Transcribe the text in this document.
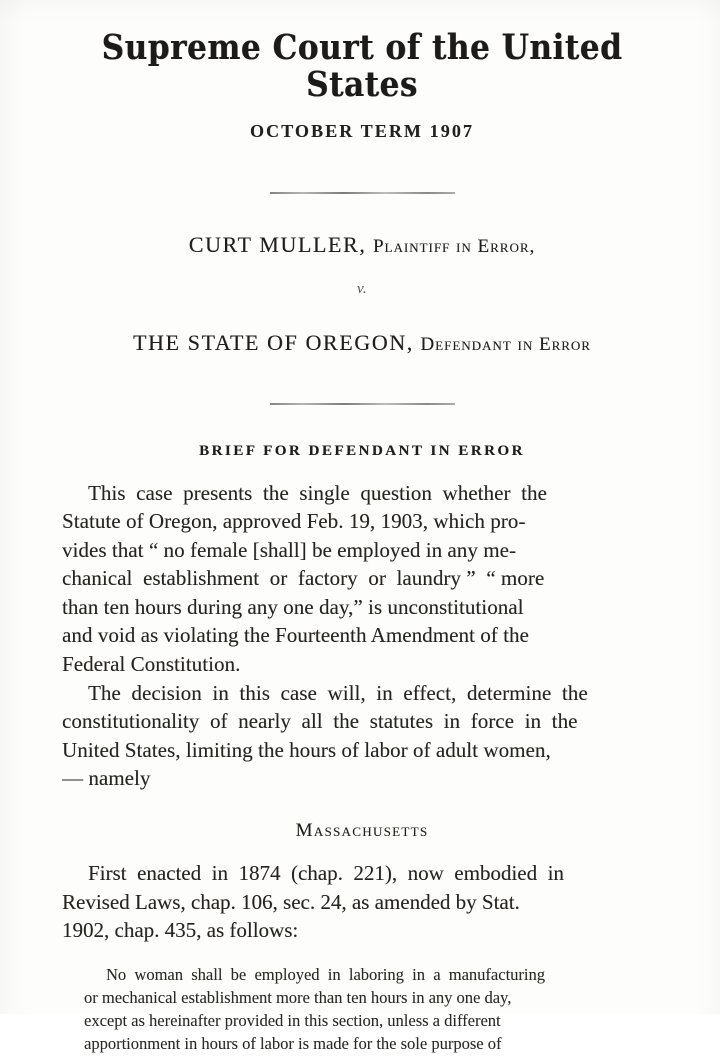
Supreme Court of the United States
OCTOBER TERM 1907
CURT MULLER, Plaintiff in Error,
v.
THE STATE OF OREGON, Defendant in Error
BRIEF FOR DEFENDANT IN ERROR
This  case  presents  the  single  question  whether  the
Statute of Oregon, approved Feb. 19, 1903, which pro-
vides that “ no female [shall] be employed in any me-
chanical  establishment  or  factory  or  laundry ”  “ more
than ten hours during any one day,” is unconstitutional
and void as violating the Fourteenth Amendment of the
Federal Constitution.
The  decision  in  this  case  will,  in  effect,  determine  the
constitutionality  of  nearly  all  the  statutes  in  force  in  the
United States, limiting the hours of labor of adult women,
— namely
Massachusetts
First  enacted  in  1874  (chap.  221),  now  embodied  in
Revised Laws, chap. 106, sec. 24, as amended by Stat.
1902, chap. 435, as follows:
No  woman  shall  be  employed  in  laboring  in  a  manufacturing
or mechanical establishment more than ten hours in any one day,
except as hereinafter provided in this section, unless a different
apportionment in hours of labor is made for the sole purpose of
